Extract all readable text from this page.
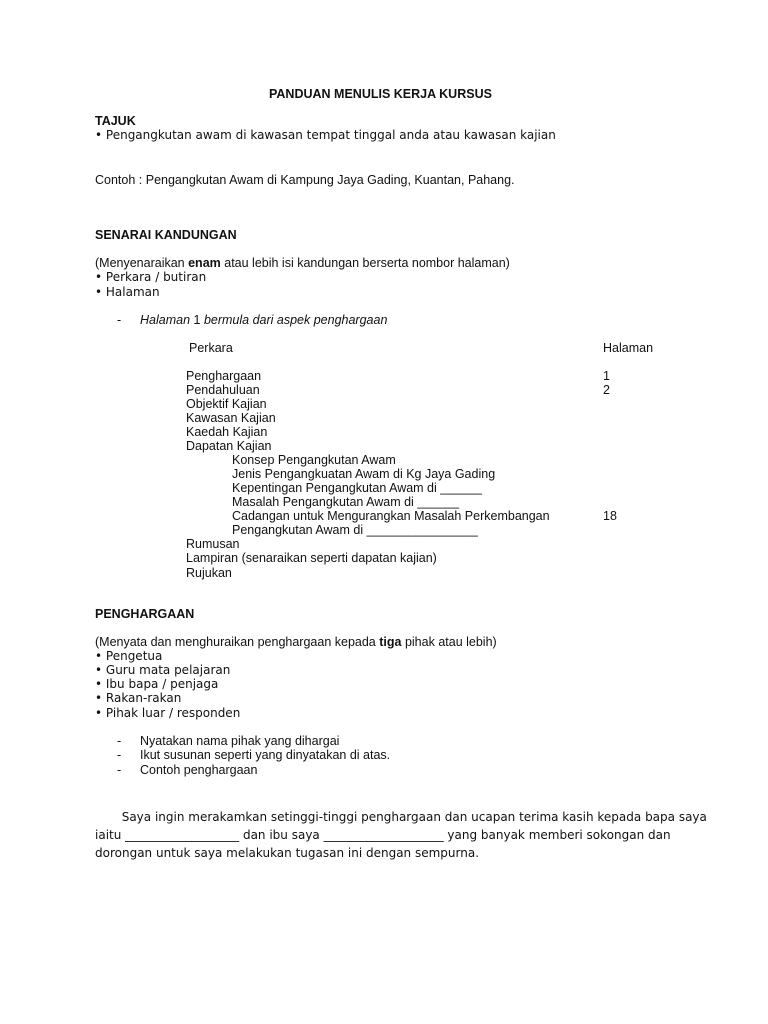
PANDUAN MENULIS KERJA KURSUS
TAJUK
• Pengangkutan awam di kawasan tempat tinggal anda atau kawasan kajian
Contoh : Pengangkutan Awam di Kampung Jaya Gading, Kuantan, Pahang.
SENARAI KANDUNGAN
(Menyenaraikan enam atau lebih isi kandungan berserta nombor halaman)
• Perkara / butiran
• Halaman
- Halaman 1 bermula dari aspek penghargaan
Perkara	Halaman
Penghargaan	1
Pendahuluan	2
Objektif Kajian
Kawasan Kajian
Kaedah Kajian
Dapatan Kajian
Konsep Pengangkutan Awam
Jenis Pengangkuatan Awam di Kg Jaya Gading
Kepentingan Pengangkutan Awam di ______
Masalah Pengangkutan Awam di ______
Cadangan untuk Mengurangkan Masalah Perkembangan	18
Pengangkutan Awam di ________________
Rumusan
Lampiran (senaraikan seperti dapatan kajian)
Rujukan
PENGHARGAAN
(Menyata dan menghuraikan penghargaan kepada tiga pihak atau lebih)
• Pengetua
• Guru mata pelajaran
• Ibu bapa / penjaga
• Rakan-rakan
• Pihak luar / responden
- Nyatakan nama pihak yang dihargai
- Ikut susunan seperti yang dinyatakan di atas.
- Contoh penghargaan
Saya ingin merakamkan setinggi-tinggi penghargaan dan ucapan terima kasih kepada bapa saya
iaitu ___________________ dan ibu saya ____________________ yang banyak memberi sokongan dan
dorongan untuk saya melakukan tugasan ini dengan sempurna.
